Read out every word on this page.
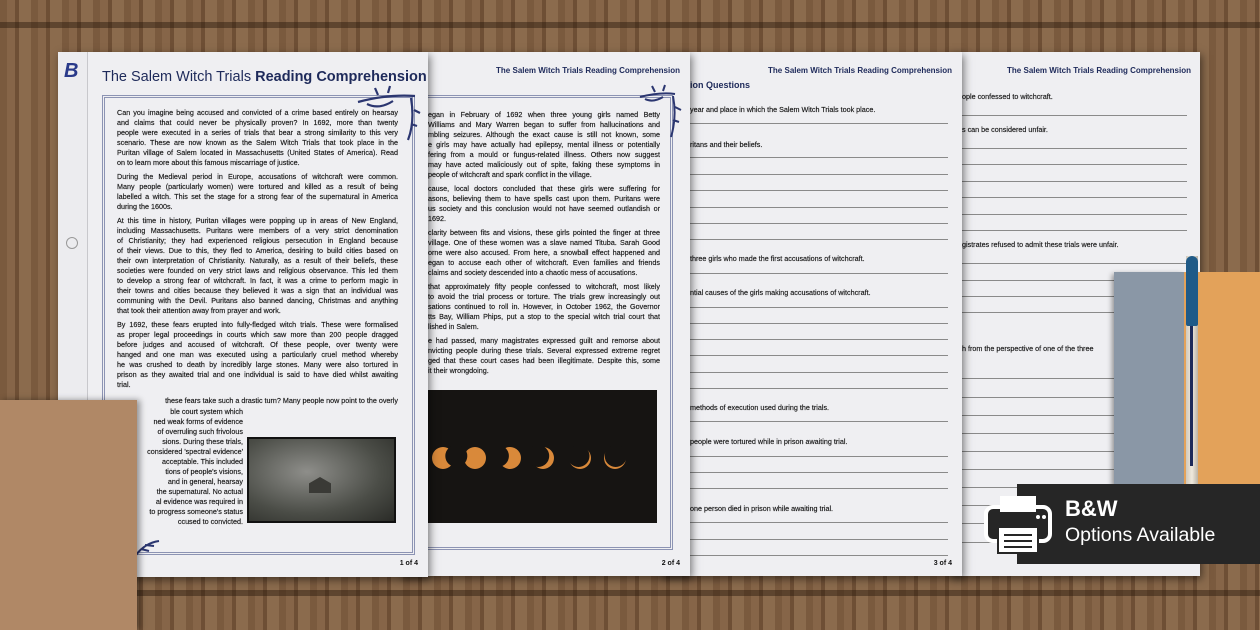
The Salem Witch Trials Reading Comprehension
ople confessed to witchcraft.
s can be considered unfair.
gistrates refused to admit these trials were unfair.
h from the perspective of one of the three
The Salem Witch Trials Reading Comprehension
ion Questions
year and place in which the Salem Witch Trials took place.
ritans and their beliefs.
three girls who made the first accusations of witchcraft.
ntial causes of the girls making accusations of witchcraft.
methods of execution used during the trials.
people were tortured while in prison awaiting trial.
one person died in prison while awaiting trial.
3 of 4
The Salem Witch Trials Reading Comprehension
egan in February of 1692 when three young girls named Betty
Williams and Mary Warren began to suffer from hallucinations and
mbling seizures. Although the exact cause is still not known, some
e girls may have actually had epilepsy, mental illness or potentially
fering from a mould or fungus-related illness. Others now suggest
may have acted maliciously out of spite, faking these symptoms in
people of witchcraft and spark conflict in the village.
cause, local doctors concluded that these girls were suffering for
asons, believing them to have spells cast upon them. Puritans were
us society and this conclusion would not have seemed outlandish or
1692.
clarity between fits and visions, these girls pointed the finger at three
village. One of these women was a slave named Tituba. Sarah Good
orne were also accused. From here, a snowball effect happened and
egan to accuse each other of witchcraft. Even families and friends
claims and society descended into a chaotic mess of accusations.
that approximately fifty people confessed to witchcraft, most likely
to avoid the trial process or torture. The trials grew increasingly out
sations continued to roll in. However, in October 1962, the Governor
tts Bay, William Phips, put a stop to the special witch trial court that
lished in Salem.
e had passed, many magistrates expressed guilt and remorse about
nvicting people during these trials. Several expressed extreme regret
ged that these court cases had been illegitimate. Despite this, some
it their wrongdoing.
2 of 4
B The Salem Witch Trials Reading Comprehension
Can you imagine being accused and convicted of a crime based entirely on hearsay
and claims that could never be physically proven? In 1692, more than twenty
people were executed in a series of trials that bear a strong similarity to this very
scenario. These are now known as the Salem Witch Trials that took place in the
Puritan village of Salem located in Massachusetts (United States of America). Read
on to learn more about this famous miscarriage of justice.
During the Medieval period in Europe, accusations of witchcraft were common.
Many people (particularly women) were tortured and killed as a result of being
labelled a witch. This set the stage for a strong fear of the supernatural in America
during the 1600s.
At this time in history, Puritan villages were popping up in areas of New England,
including Massachusetts. Puritans were members of a very strict denomination
of Christianity; they had experienced religious persecution in England because
of their views. Due to this, they fled to America, desiring to build cities based on
their own interpretation of Christianity. Naturally, as a result of their beliefs, these
societies were founded on very strict laws and religious observance. This led them
to develop a strong fear of witchcraft. In fact, it was a crime to perform magic in
their towns and cities because they believed it was a sign that an individual was
communing with the Devil. Puritans also banned dancing, Christmas and anything
that took their attention away from prayer and work.
By 1692, these fears erupted into fully-fledged witch trials. These were formalised
as proper legal proceedings in courts which saw more than 200 people dragged
before judges and accused of witchcraft. Of these people, over twenty were
hanged and one man was executed using a particularly cruel method whereby
he was crushed to death by incredibly large stones. Many were also tortured in
prison as they awaited trial and one individual is said to have died whilst awaiting
trial.
these fears take such a drastic turn? Many people now point to the overly
ble court system which
ned weak forms of evidence
of overruling such frivolous
sions. During these trials,
considered 'spectral evidence'
acceptable. This included
tions of people's visions,
and in general, hearsay
the supernatural. No actual
al evidence was required in
to progress someone's status
ccused to convicted.
1 of 4
B&W
Options Available
